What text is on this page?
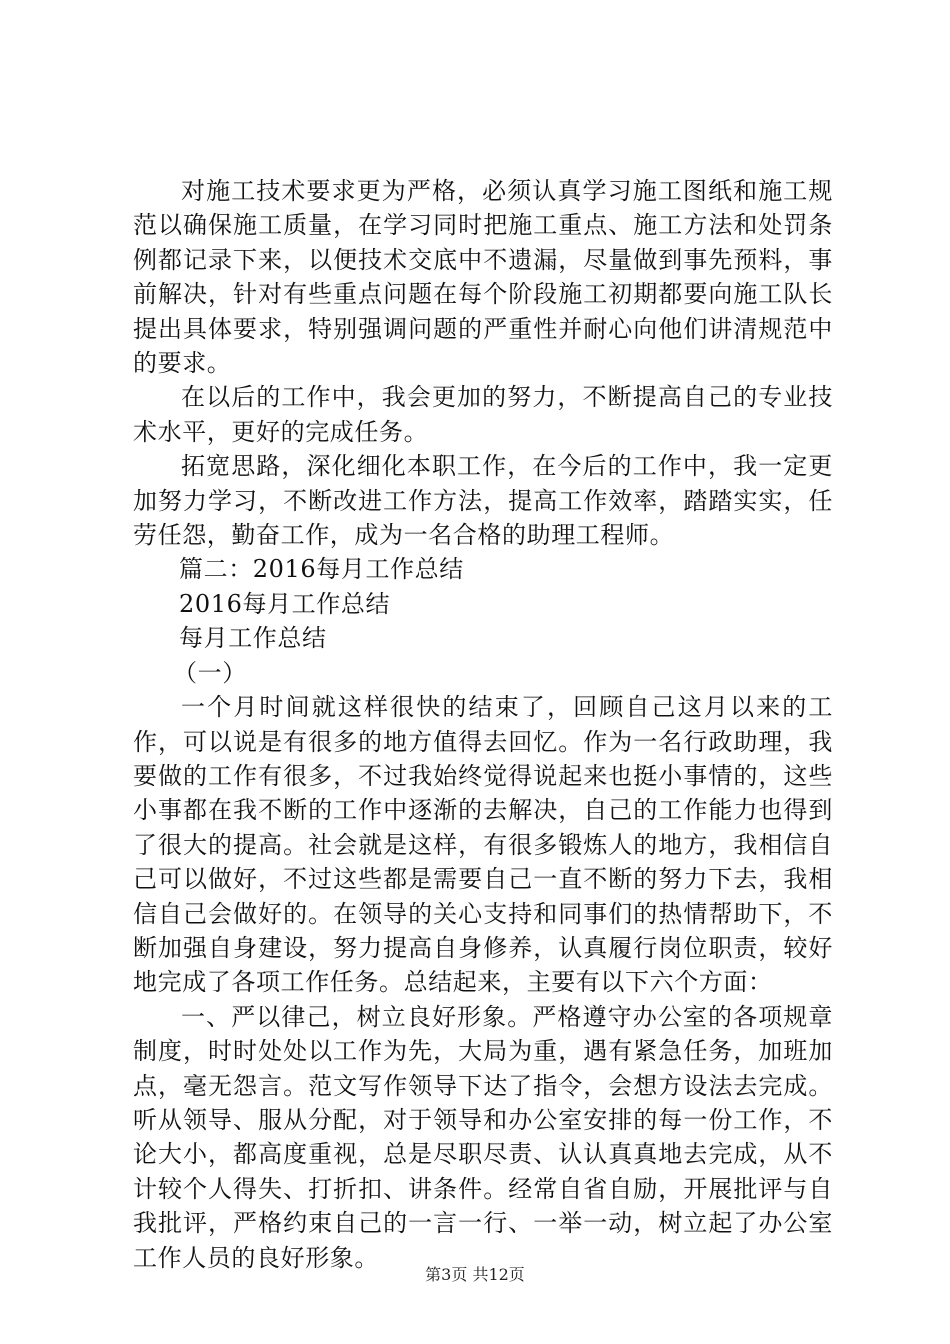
对施工技术要求更为严格，必须认真学习施工图纸和施工规范以确保施工质量，在学习同时把施工重点、施工方法和处罚条例都记录下来，以便技术交底中不遗漏，尽量做到事先预料，事前解决，针对有些重点问题在每个阶段施工初期都要向施工队长提出具体要求，特别强调问题的严重性并耐心向他们讲清规范中的要求。

在以后的工作中，我会更加的努力，不断提高自己的专业技术水平，更好的完成任务。

拓宽思路，深化细化本职工作，在今后的工作中，我一定更加努力学习，不断改进工作方法，提高工作效率，踏踏实实，任劳任怨，勤奋工作，成为一名合格的助理工程师。

篇二：2016每月工作总结

2016每月工作总结

每月工作总结

（一）

一个月时间就这样很快的结束了，回顾自己这月以来的工作，可以说是有很多的地方值得去回忆。作为一名行政助理，我要做的工作有很多，不过我始终觉得说起来也挺小事情的，这些小事都在我不断的工作中逐渐的去解决，自己的工作能力也得到了很大的提高。社会就是这样，有很多锻炼人的地方，我相信自己可以做好，不过这些都是需要自己一直不断的努力下去，我相信自己会做好的。在领导的关心支持和同事们的热情帮助下，不断加强自身建设，努力提高自身修养，认真履行岗位职责，较好地完成了各项工作任务。总结起来，主要有以下六个方面：

一、严以律己，树立良好形象。严格遵守办公室的各项规章制度，时时处处以工作为先，大局为重，遇有紧急任务，加班加点，毫无怨言。范文写作领导下达了指令，会想方设法去完成。听从领导、服从分配，对于领导和办公室安排的每一份工作，不论大小，都高度重视，总是尽职尽责、认认真真地去完成，从不计较个人得失、打折扣、讲条件。经常自省自励，开展批评与自我批评，严格约束自己的一言一行、一举一动，树立起了办公室工作人员的良好形象。

第3页 共12页
